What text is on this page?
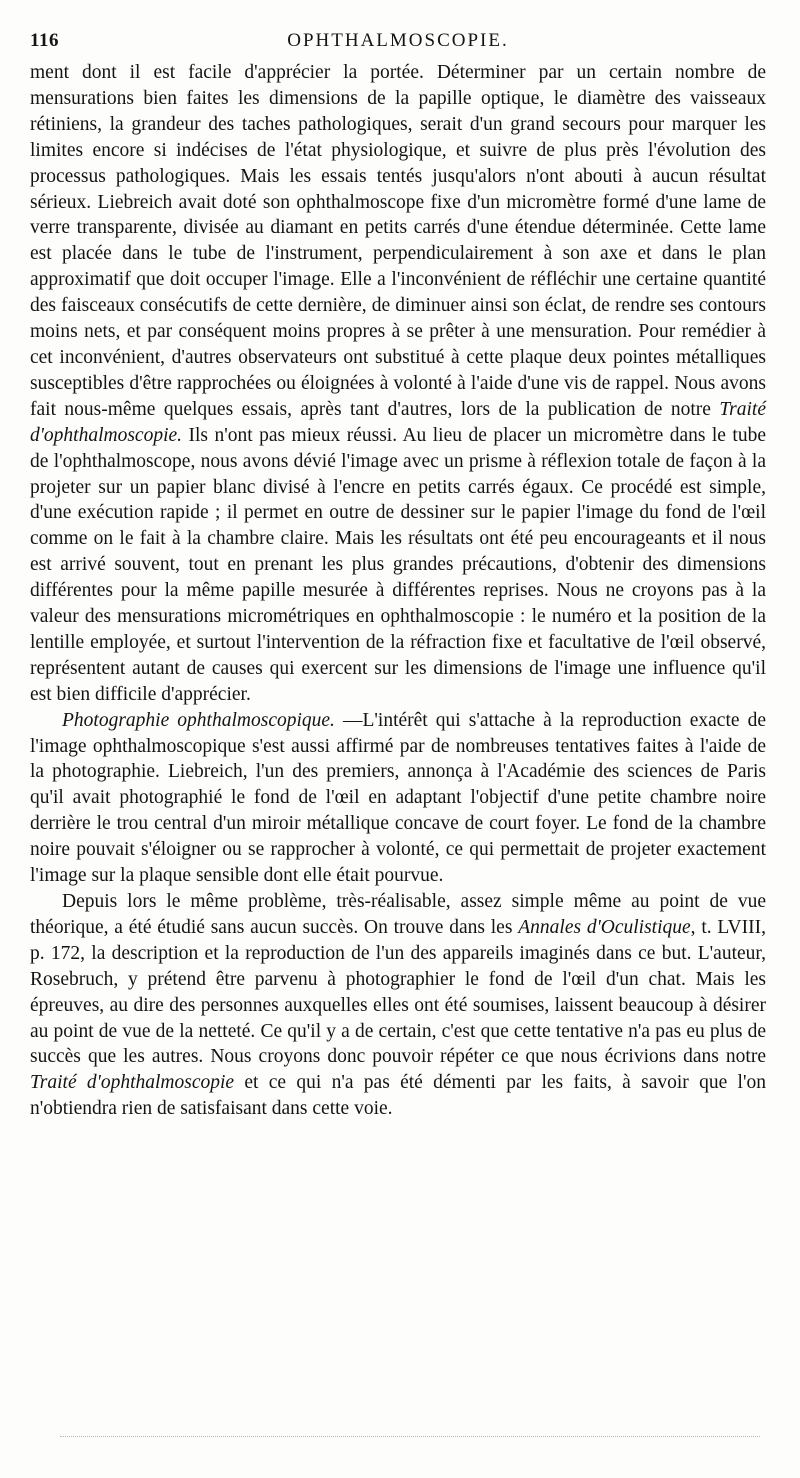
116	OPHTHALMOSCOPIE.

ment dont il est facile d'apprécier la portée. Déterminer par un certain nombre de mensurations bien faites les dimensions de la papille optique, le diamètre des vaisseaux rétiniens, la grandeur des taches pathologiques, serait d'un grand secours pour marquer les limites encore si indécises de l'état physiologique, et suivre de plus près l'évolution des processus pathologiques. Mais les essais tentés jusqu'alors n'ont abouti à aucun résultat sérieux. Liebreich avait doté son ophthalmoscope fixe d'un micromètre formé d'une lame de verre transparente, divisée au diamant en petits carrés d'une étendue déterminée. Cette lame est placée dans le tube de l'instrument, perpendiculairement à son axe et dans le plan approximatif que doit occuper l'image. Elle a l'inconvénient de réfléchir une certaine quantité des faisceaux consécutifs de cette dernière, de diminuer ainsi son éclat, de rendre ses contours moins nets, et par conséquent moins propres à se prêter à une mensuration. Pour remédier à cet inconvénient, d'autres observateurs ont substitué à cette plaque deux pointes métalliques susceptibles d'être rapprochées ou éloignées à volonté à l'aide d'une vis de rappel. Nous avons fait nous-même quelques essais, après tant d'autres, lors de la publication de notre Traité d'ophthalmoscopie. Ils n'ont pas mieux réussi. Au lieu de placer un micromètre dans le tube de l'ophthalmoscope, nous avons dévié l'image avec un prisme à réflexion totale de façon à la projeter sur un papier blanc divisé à l'encre en petits carrés égaux. Ce procédé est simple, d'une exécution rapide ; il permet en outre de dessiner sur le papier l'image du fond de l'œil comme on le fait à la chambre claire. Mais les résultats ont été peu encourageants et il nous est arrivé souvent, tout en prenant les plus grandes précautions, d'obtenir des dimensions différentes pour la même papille mesurée à différentes reprises. Nous ne croyons pas à la valeur des mensurations micrométriques en ophthalmoscopie : le numéro et la position de la lentille employée, et surtout l'intervention de la réfraction fixe et facultative de l'œil observé, représentent autant de causes qui exercent sur les dimensions de l'image une influence qu'il est bien difficile d'apprécier.

Photographie ophthalmoscopique. —L'intérêt qui s'attache à la reproduction exacte de l'image ophthalmoscopique s'est aussi affirmé par de nombreuses tentatives faites à l'aide de la photographie. Liebreich, l'un des premiers, annonça à l'Académie des sciences de Paris qu'il avait photographié le fond de l'œil en adaptant l'objectif d'une petite chambre noire derrière le trou central d'un miroir métallique concave de court foyer. Le fond de la chambre noire pouvait s'éloigner ou se rapprocher à volonté, ce qui permettait de projeter exactement l'image sur la plaque sensible dont elle était pourvue.

Depuis lors le même problème, très-réalisable, assez simple même au point de vue théorique, a été étudié sans aucun succès. On trouve dans les Annales d'Oculistique, t. LVIII, p. 172, la description et la reproduction de l'un des appareils imaginés dans ce but. L'auteur, Rosebruch, y prétend être parvenu à photographier le fond de l'œil d'un chat. Mais les épreuves, au dire des personnes auxquelles elles ont été soumises, laissent beaucoup à désirer au point de vue de la netteté. Ce qu'il y a de certain, c'est que cette tentative n'a pas eu plus de succès que les autres. Nous croyons donc pouvoir répéter ce que nous écrivions dans notre Traité d'ophthalmoscopie et ce qui n'a pas été démenti par les faits, à savoir que l'on n'obtiendra rien de satisfaisant dans cette voie.
